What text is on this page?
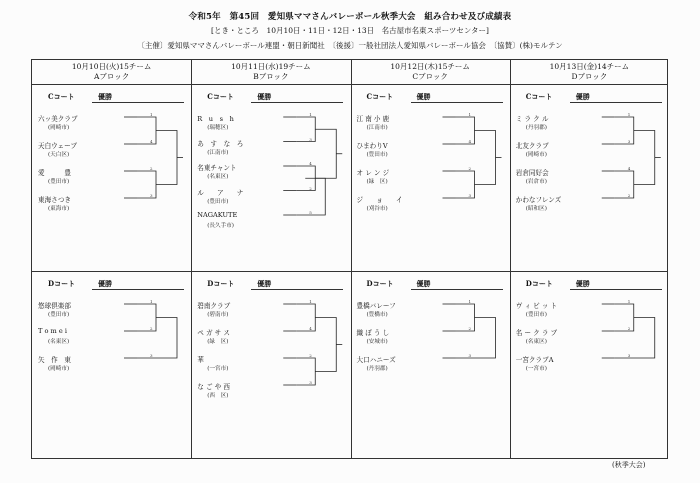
令和5年　第45回　愛知県ママさんバレーボール秋季大会　組み合わせ及び成績表
[とき・ところ　10月10日・11日・12日・13日　名古屋市名東スポーツセンター]
〔主催〕愛知県ママさんバレーボール連盟・朝日新聞社　〔後援〕一般社団法人愛知県バレーボール協会　〔協賛〕(株)モルテン
10月10日(火)15チーム
Aブロック
Cコート	優勝
六ッ美クラブ
(岡崎市)
天白ウェーブ
(天白区)
愛　　　豊
(豊田市)
東海さつき
(東海市)
1
4
2
3
Dコート	優勝
悠球倶楽部
(豊田市)
T o m e i
(名東区)
矢　作　東
(岡崎市)
1
2
3
10月11日(水)19チーム
Bブロック
Cコート	優勝
R　u　s　h
(瑞穂区)
あ　す　な　ろ
(江南市)
名東チャント
(名東区)
ル　　ア　　ナ
(豊田市)
NAGAKUTE
(長久手市)
1
3
4
2
5
Dコート	優勝
碧南クラブ
(碧南市)
ペ ガ サ ス
(緑　区)
華
(一宮市)
な ご や 西
(西　区)
1
4
2
3
10月12日(木)15チーム
Cブロック
Cコート	優勝
江 南 小 鹿
(江南市)
ひまわりV
(豊田市)
オ レ ン ジ
(緑　区)
ジ　　ョ　　イ
(刈谷市)
1
4
2
3
Dコート	優勝
豊橋バレーフ
(豊橋市)
織 ぼ う し
(安城市)
大口ハニーズ
(丹羽郡)
1
2
3
10月13日(金)14チーム
Dブロック
Cコート	優勝
ミ ラ ク ル
(丹羽郡)
北友クラブ
(岡崎市)
岩倉同好会
(岩倉市)
かわなフレンズ
(昭和区)
1
3
4
2
Dコート	優勝
ヴ ィ ビ ッ ト
(豊田市)
名 ー ク ラ ブ
(名東区)
一宮クラブA
(一宮市)
1
2
3
(秋季大会)
